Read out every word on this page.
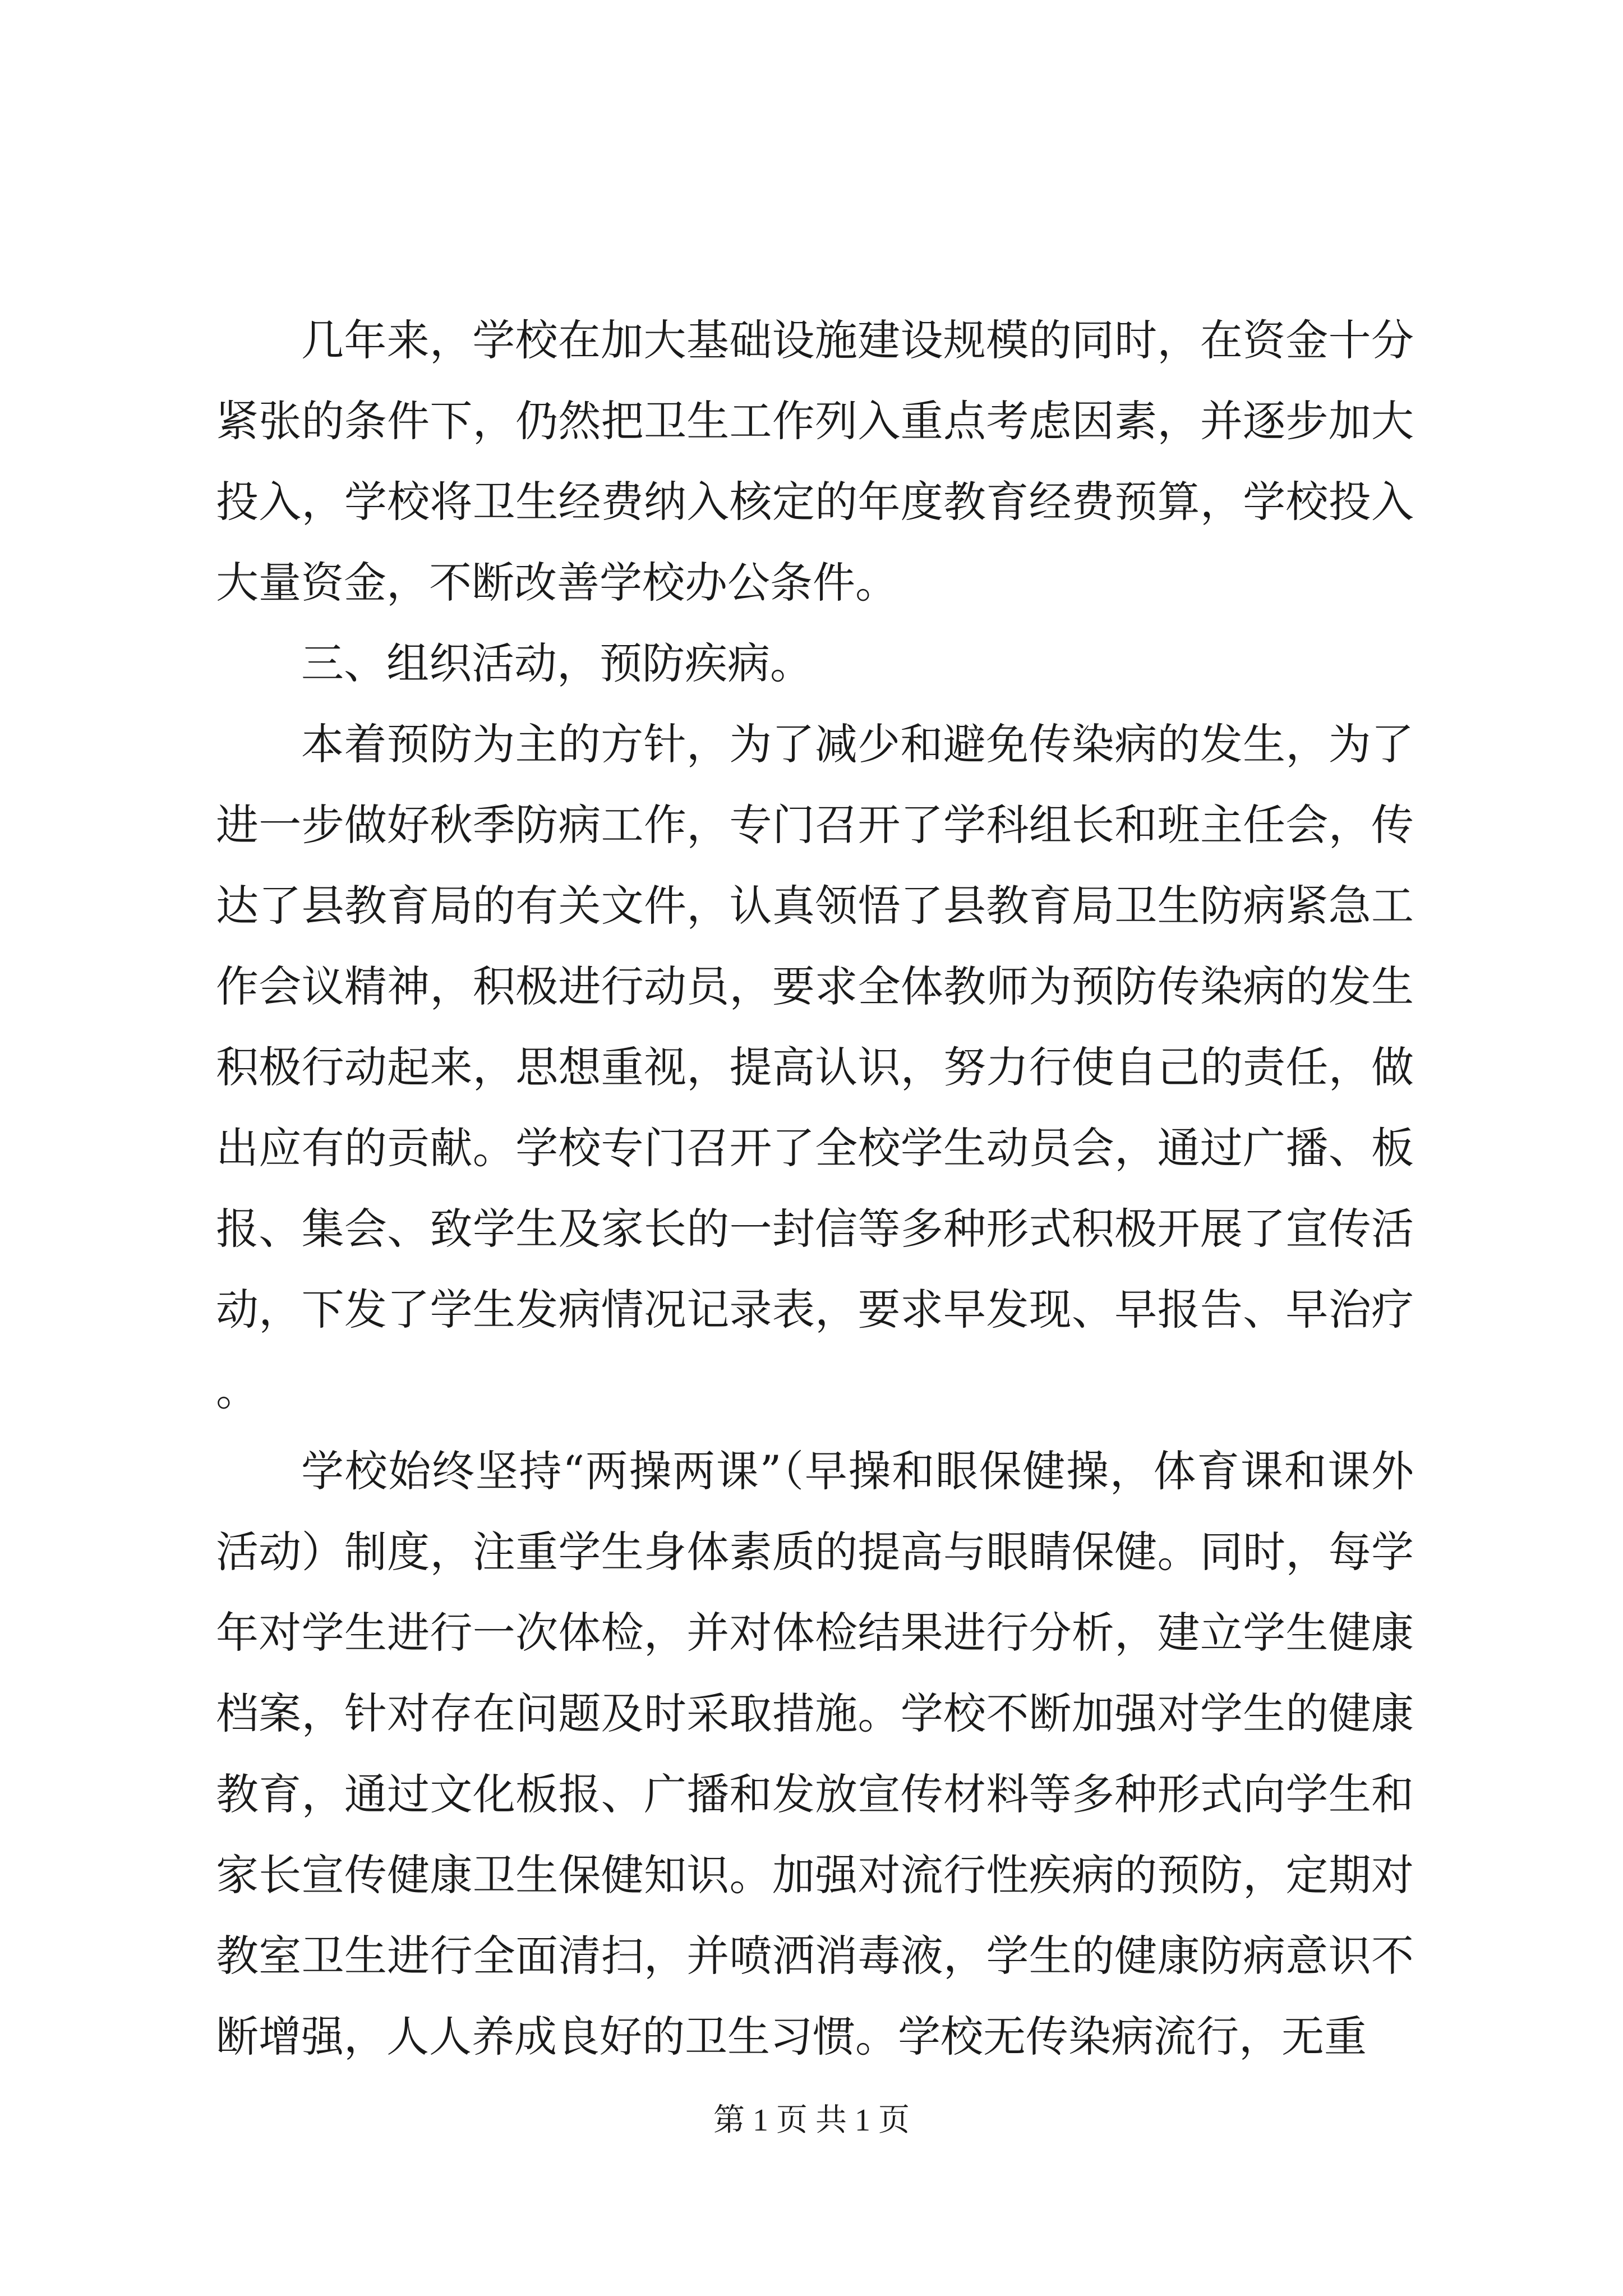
几年来，学校在加大基础设施建设规模的同时，在资金十分紧张的条件下，仍然把卫生工作列入重点考虑因素，并逐步加大投入，学校将卫生经费纳入核定的年度教育经费预算，学校投入大量资金，不断改善学校办公条件。

三、组织活动，预防疾病。

本着预防为主的方针，为了减少和避免传染病的发生，为了进一步做好秋季防病工作，专门召开了学科组长和班主任会，传达了县教育局的有关文件，认真领悟了县教育局卫生防病紧急工作会议精神，积极进行动员，要求全体教师为预防传染病的发生积极行动起来，思想重视，提高认识，努力行使自己的责任，做出应有的贡献。学校专门召开了全校学生动员会，通过广播、板报、集会、致学生及家长的一封信等多种形式积极开展了宣传活动，下发了学生发病情况记录表，要求早发现、早报告、早治疗。

学校始终坚持“两操两课”（早操和眼保健操，体育课和课外活动）制度，注重学生身体素质的提高与眼睛保健。同时，每学年对学生进行一次体检，并对体检结果进行分析，建立学生健康档案，针对存在问题及时采取措施。学校不断加强对学生的健康教育，通过文化板报、广播和发放宣传材料等多种形式向学生和家长宣传健康卫生保健知识。加强对流行性疾病的预防，定期对教室卫生进行全面清扫，并喷洒消毒液，学生的健康防病意识不断增强，人人养成良好的卫生习惯。学校无传染病流行，无重

第 1 页 共 1 页
